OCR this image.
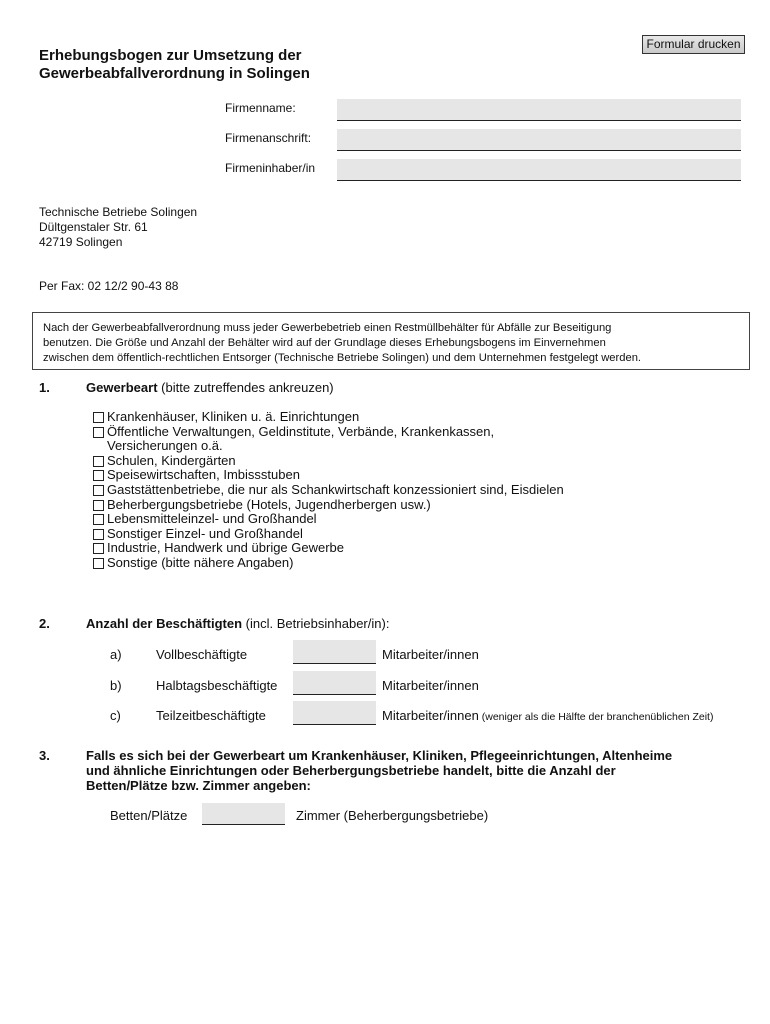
Formular drucken
Erhebungsbogen zur Umsetzung der
Gewerbeabfallverordnung in Solingen
Firmenname:
Firmenanschrift:
Firmeninhaber/in
Technische Betriebe Solingen
Dültgenstaler Str. 61
42719 Solingen
Per Fax: 02 12/2 90-43 88
Nach der Gewerbeabfallverordnung muss jeder Gewerbebetrieb einen Restmüllbehälter für Abfälle zur Beseitigung
benutzen. Die Größe und Anzahl der Behälter wird auf der Grundlage dieses Erhebungsbogens im Einvernehmen
zwischen dem öffentlich-rechtlichen Entsorger (Technische Betriebe Solingen) und dem Unternehmen festgelegt werden.
1.	Gewerbeart (bitte zutreffendes ankreuzen)
Krankenhäuser, Kliniken u. ä. Einrichtungen
Öffentliche Verwaltungen, Geldinstitute, Verbände, Krankenkassen,
Versicherungen o.ä.
Schulen, Kindergärten
Speisewirtschaften, Imbissstuben
Gaststättenbetriebe, die nur als Schankwirtschaft konzessioniert sind, Eisdielen
Beherbergungsbetriebe (Hotels, Jugendherbergen usw.)
Lebensmitteleinzel- und Großhandel
Sonstiger Einzel- und Großhandel
Industrie, Handwerk und übrige Gewerbe
Sonstige (bitte nähere Angaben)
2.	Anzahl der Beschäftigten (incl. Betriebsinhaber/in):
a)	Vollbeschäftigte	Mitarbeiter/innen
b)	Halbtagsbeschäftigte	Mitarbeiter/innen
c)	Teilzeitbeschäftigte	Mitarbeiter/innen (weniger als die Hälfte der branchenüblichen Zeit)
3.	Falls es sich bei der Gewerbeart um Krankenhäuser, Kliniken, Pflegeeinrichtungen, Altenheime
und ähnliche Einrichtungen oder Beherbergungsbetriebe handelt, bitte die Anzahl der
Betten/Plätze bzw. Zimmer angeben:
Betten/Plätze	Zimmer (Beherbergungsbetriebe)
